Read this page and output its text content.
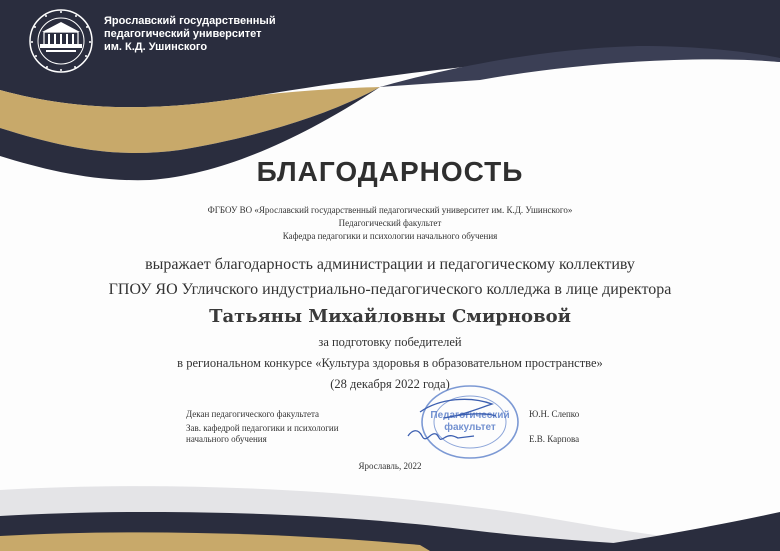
Ярославский государственный
педагогический университет
им. К.Д. Ушинского
БЛАГОДАРНОСТЬ
ФГБОУ ВО «Ярославский государственный педагогический университет им. К.Д. Ушинского»
Педагогический факультет
Кафедра педагогики и психологии начального обучения
выражает благодарность администрации и педагогическому коллективу
ГПОУ ЯО Угличского индустриально-педагогического колледжа в лице директора
Татьяны Михайловны Смирновой
за подготовку победителей
в региональном конкурсе «Культура здоровья в образовательном пространстве»
(28 декабря 2022 года)
Педагогический
факультет
Декан педагогического факультета	Ю.Н. Слепко
Зав. кафедрой педагогики и психологии
начального обучения	Е.В. Карпова
Ярославль, 2022
